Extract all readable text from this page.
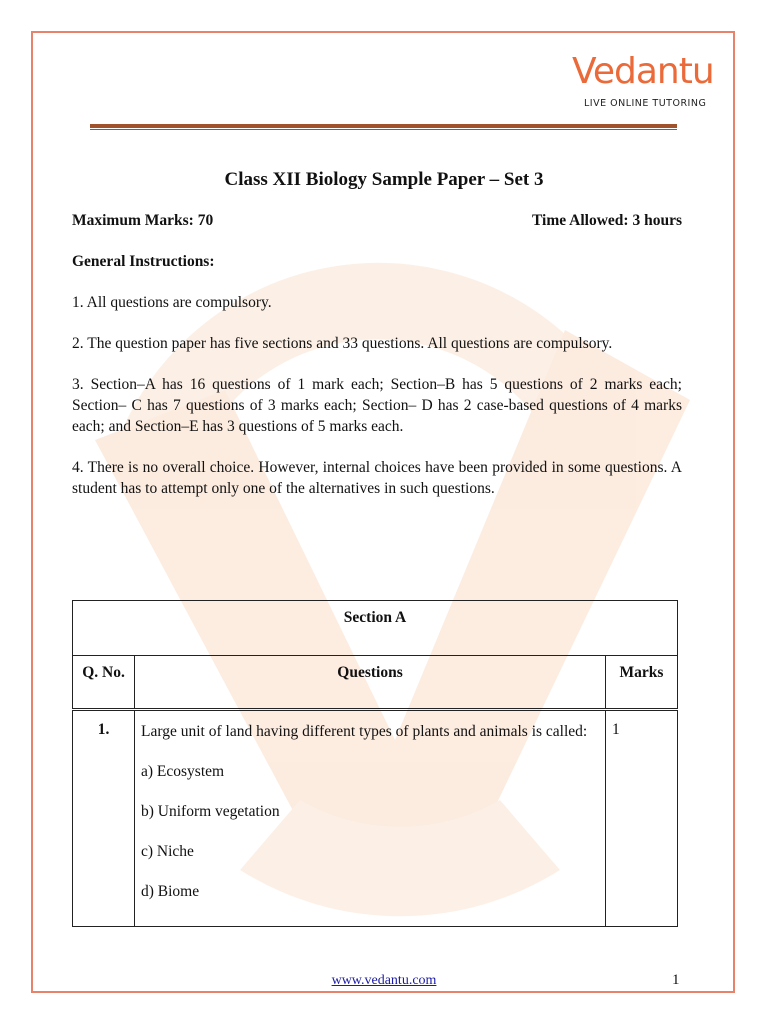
Vedantu
LIVE ONLINE TUTORING
Class XII Biology Sample Paper – Set 3
Maximum Marks: 70	Time Allowed: 3 hours
General Instructions:
1. All questions are compulsory.
2. The question paper has five sections and 33 questions. All questions are compulsory.
3. Section–A has 16 questions of 1 mark each; Section–B has 5 questions of 2 marks each; Section– C has 7 questions of 3 marks each; Section– D has 2 case-based questions of 4 marks each; and Section–E has 3 questions of 5 marks each.
4. There is no overall choice. However, internal choices have been provided in some questions. A student has to attempt only one of the alternatives in such questions.
Section A		
Q. No.	Questions	Marks
1.	Large unit of land having different types of plants and animals is called:
a) Ecosystem
b) Uniform vegetation
c) Niche
d) Biome	1
www.vedantu.com	1
